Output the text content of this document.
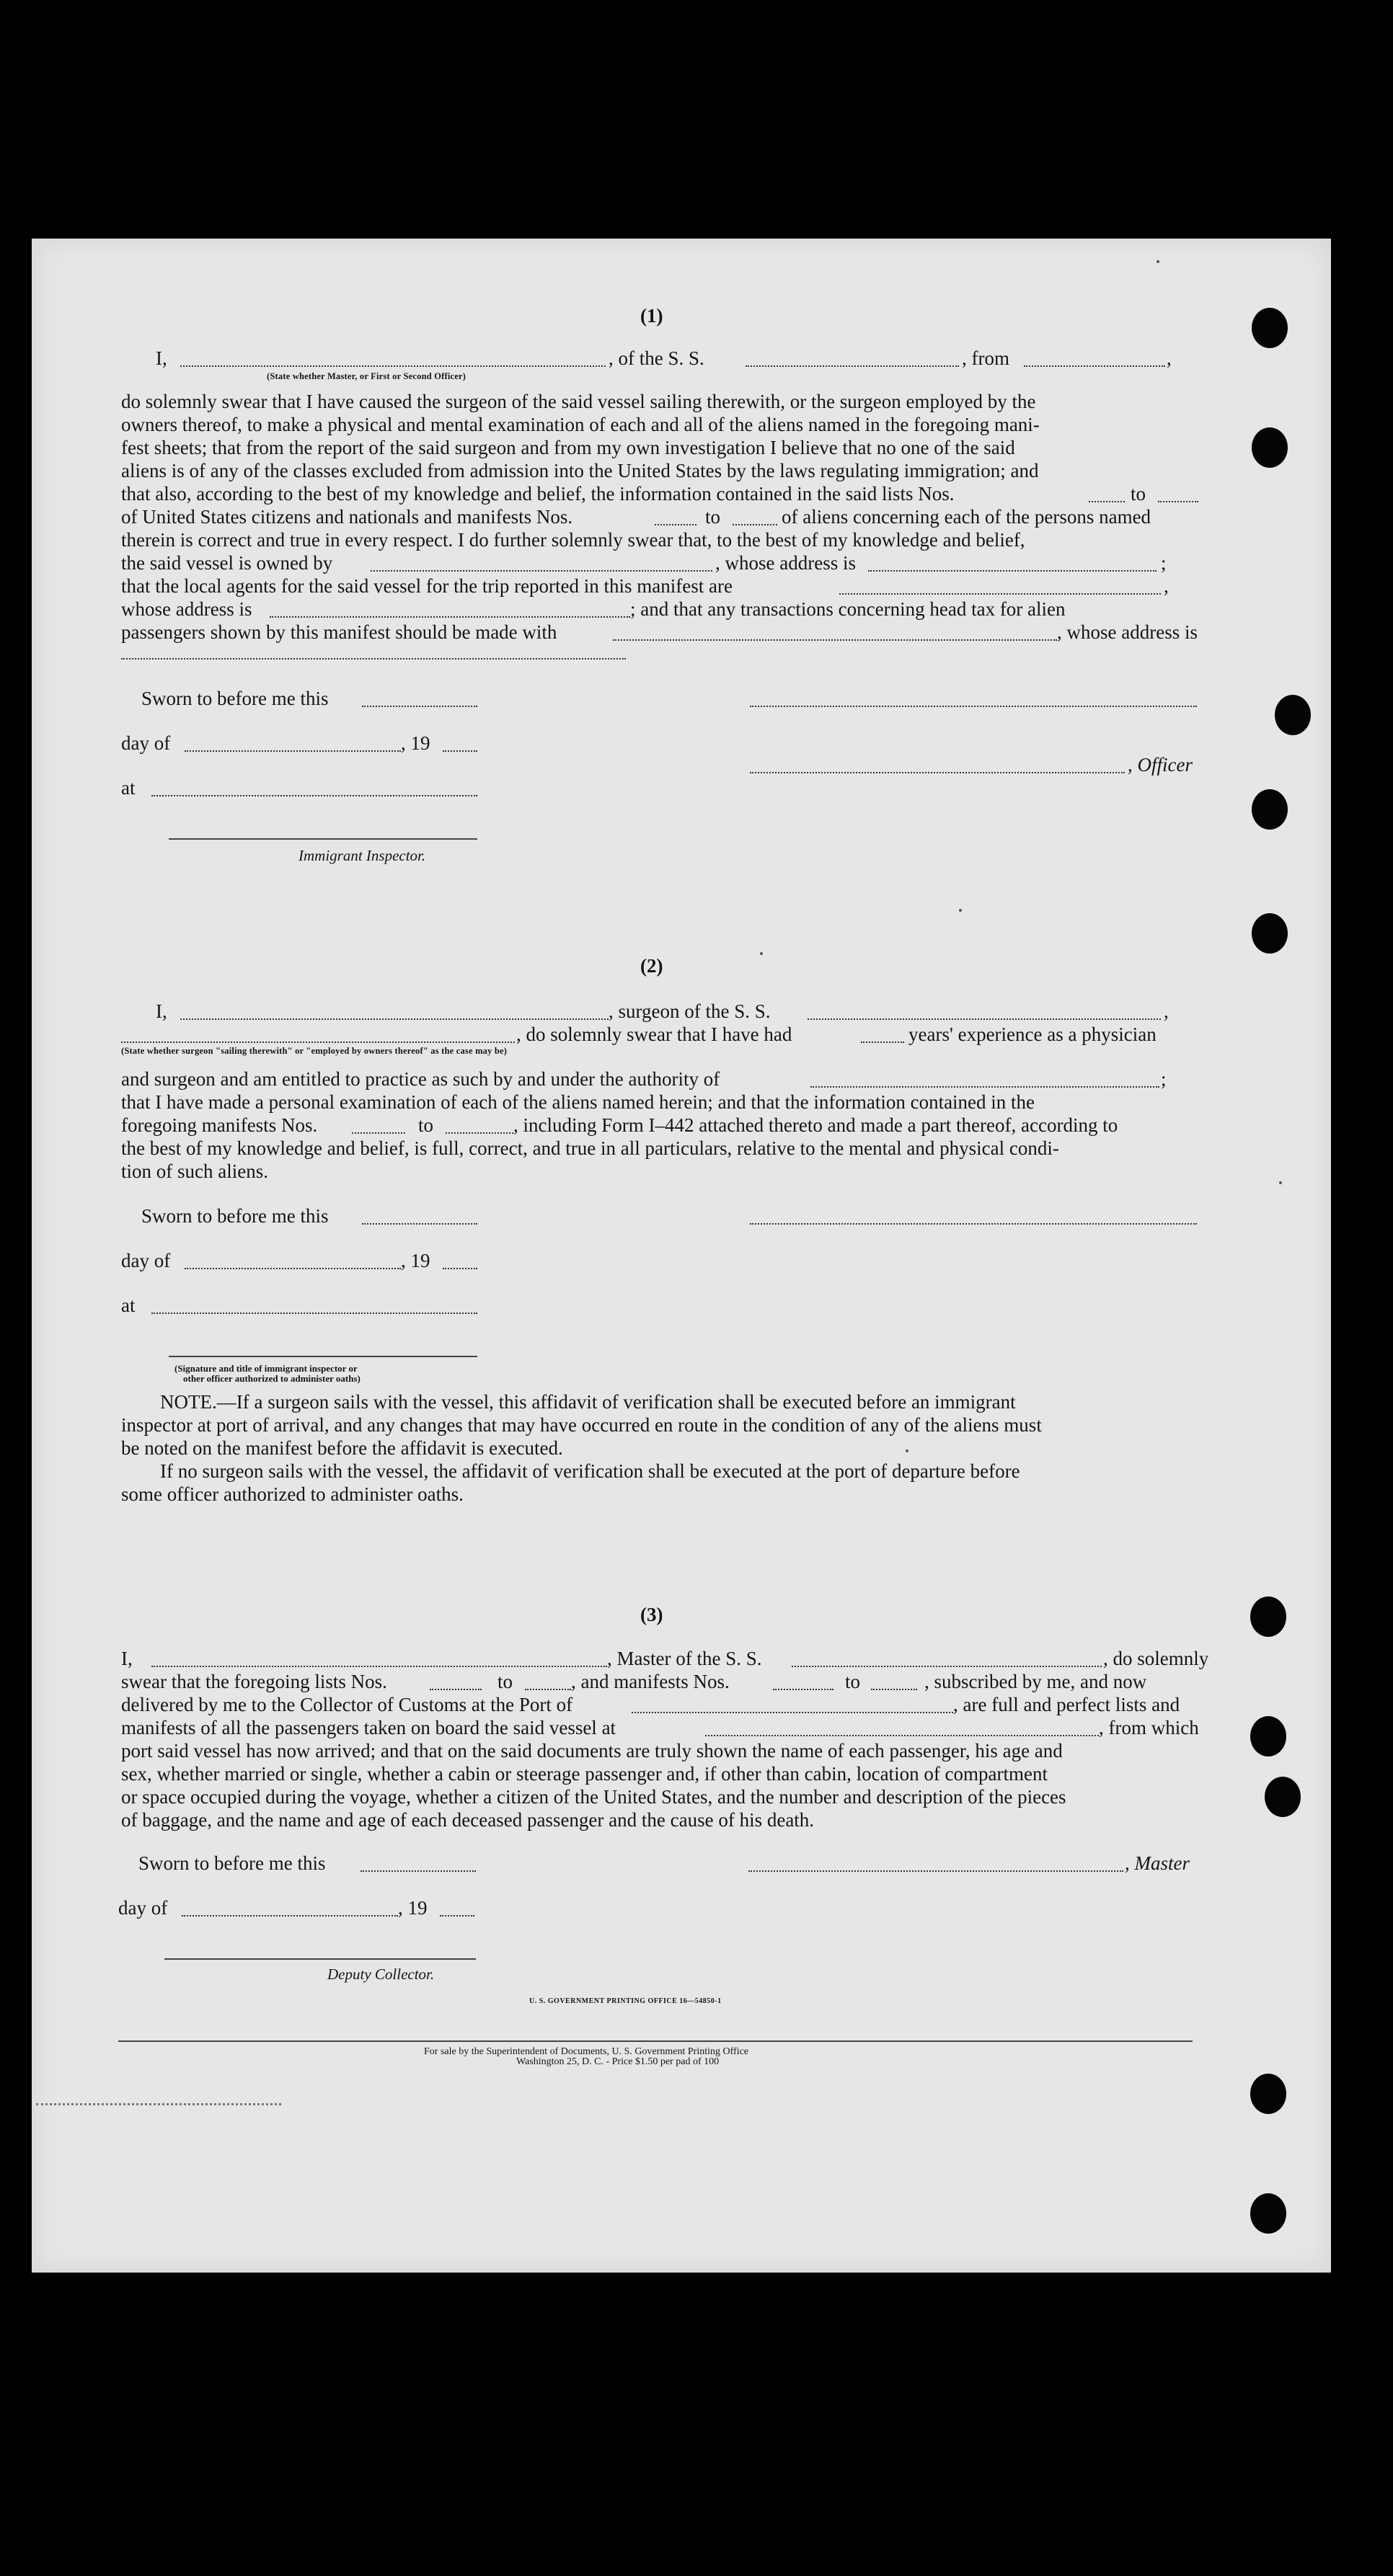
(1)
I,	, of the S. S.	, from	,
(State whether Master, or First or Second Officer)
do solemnly swear that I have caused the surgeon of the said vessel sailing therewith, or the surgeon employed by the
owners thereof, to make a physical and mental examination of each and all of the aliens named in the foregoing mani-
fest sheets; that from the report of the said surgeon and from my own investigation I believe that no one of the said
aliens is of any of the classes excluded from admission into the United States by the laws regulating immigration; and
that also, according to the best of my knowledge and belief, the information contained in the said lists Nos.	to
of United States citizens and nationals and manifests Nos.	to	of aliens concerning each of the persons named
therein is correct and true in every respect. I do further solemnly swear that, to the best of my knowledge and belief,
the said vessel is owned by	, whose address is	;
that the local agents for the said vessel for the trip reported in this manifest are	,
whose address is	; and that any transactions concerning head tax for alien
passengers shown by this manifest should be made with	, whose address is
Sworn to before me this
day of	, 19
, Officer
at
Immigrant Inspector.
(2)
I,	, surgeon of the S. S.	,
, do solemnly swear that I have had	years' experience as a physician
(State whether surgeon "sailing therewith" or "employed by owners thereof" as the case may be)
and surgeon and am entitled to practice as such by and under the authority of	;
that I have made a personal examination of each of the aliens named herein; and that the information contained in the
foregoing manifests Nos.	to	, including Form I–442 attached thereto and made a part thereof, according to
the best of my knowledge and belief, is full, correct, and true in all particulars, relative to the mental and physical condi-
tion of such aliens.
Sworn to before me this
day of	, 19
at
(Signature and title of immigrant inspector or
other officer authorized to administer oaths)
NOTE.—If a surgeon sails with the vessel, this affidavit of verification shall be executed before an immigrant
inspector at port of arrival, and any changes that may have occurred en route in the condition of any of the aliens must
be noted on the manifest before the affidavit is executed.
If no surgeon sails with the vessel, the affidavit of verification shall be executed at the port of departure before
some officer authorized to administer oaths.
(3)
I,	, Master of the S. S.	, do solemnly
swear that the foregoing lists Nos.	to	, and manifests Nos.	to	, subscribed by me, and now
delivered by me to the Collector of Customs at the Port of	, are full and perfect lists and
manifests of all the passengers taken on board the said vessel at	, from which
port said vessel has now arrived; and that on the said documents are truly shown the name of each passenger, his age and
sex, whether married or single, whether a cabin or steerage passenger and, if other than cabin, location of compartment
or space occupied during the voyage, whether a citizen of the United States, and the number and description of the pieces
of baggage, and the name and age of each deceased passenger and the cause of his death.
Sworn to before me this	, Master
day of	, 19
Deputy Collector.
U. S. GOVERNMENT PRINTING OFFICE 16—54850-1
For sale by the Superintendent of Documents, U. S. Government Printing Office
Washington 25, D. C. - Price $1.50 per pad of 100
